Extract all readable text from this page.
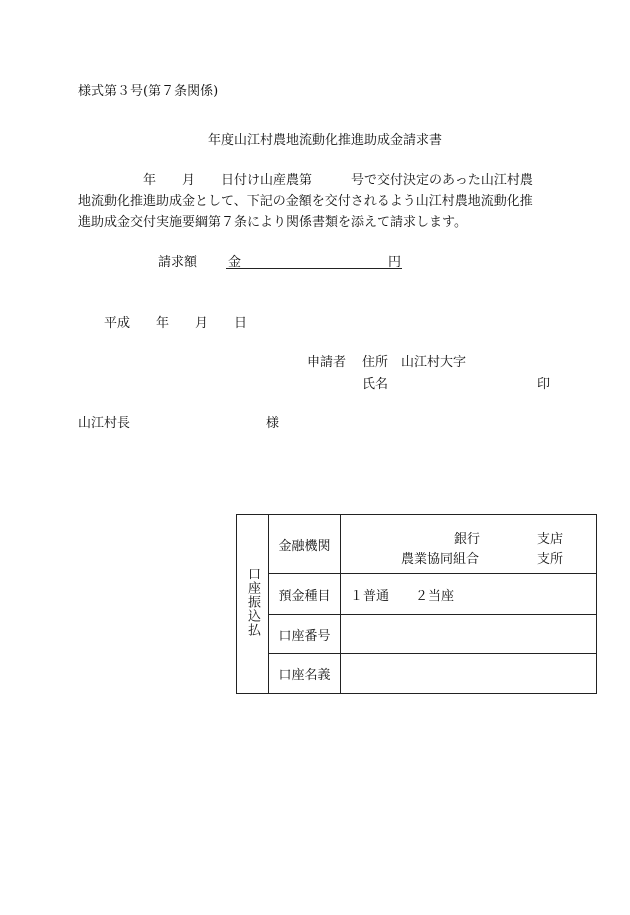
様式第３号(第７条関係)
年度山江村農地流動化推進助成金請求書
　　　　　年　　月　　日付け山産農第　　　号で交付決定のあった山江村農
地流動化推進助成金として、下記の金額を交付されるよう山江村農地流動化推
進助成金交付実施要綱第７条により関係書類を添えて請求します。
請求額 金	円
平成　　年　　月　　日
申請者 住所 山江村大字
氏名	印
山江村長	様
口座振込払	金融機関	銀行 支店
農業協同組合 支所

	預金種目	１普通　　２当座
	口座番号	
	口座名義	
